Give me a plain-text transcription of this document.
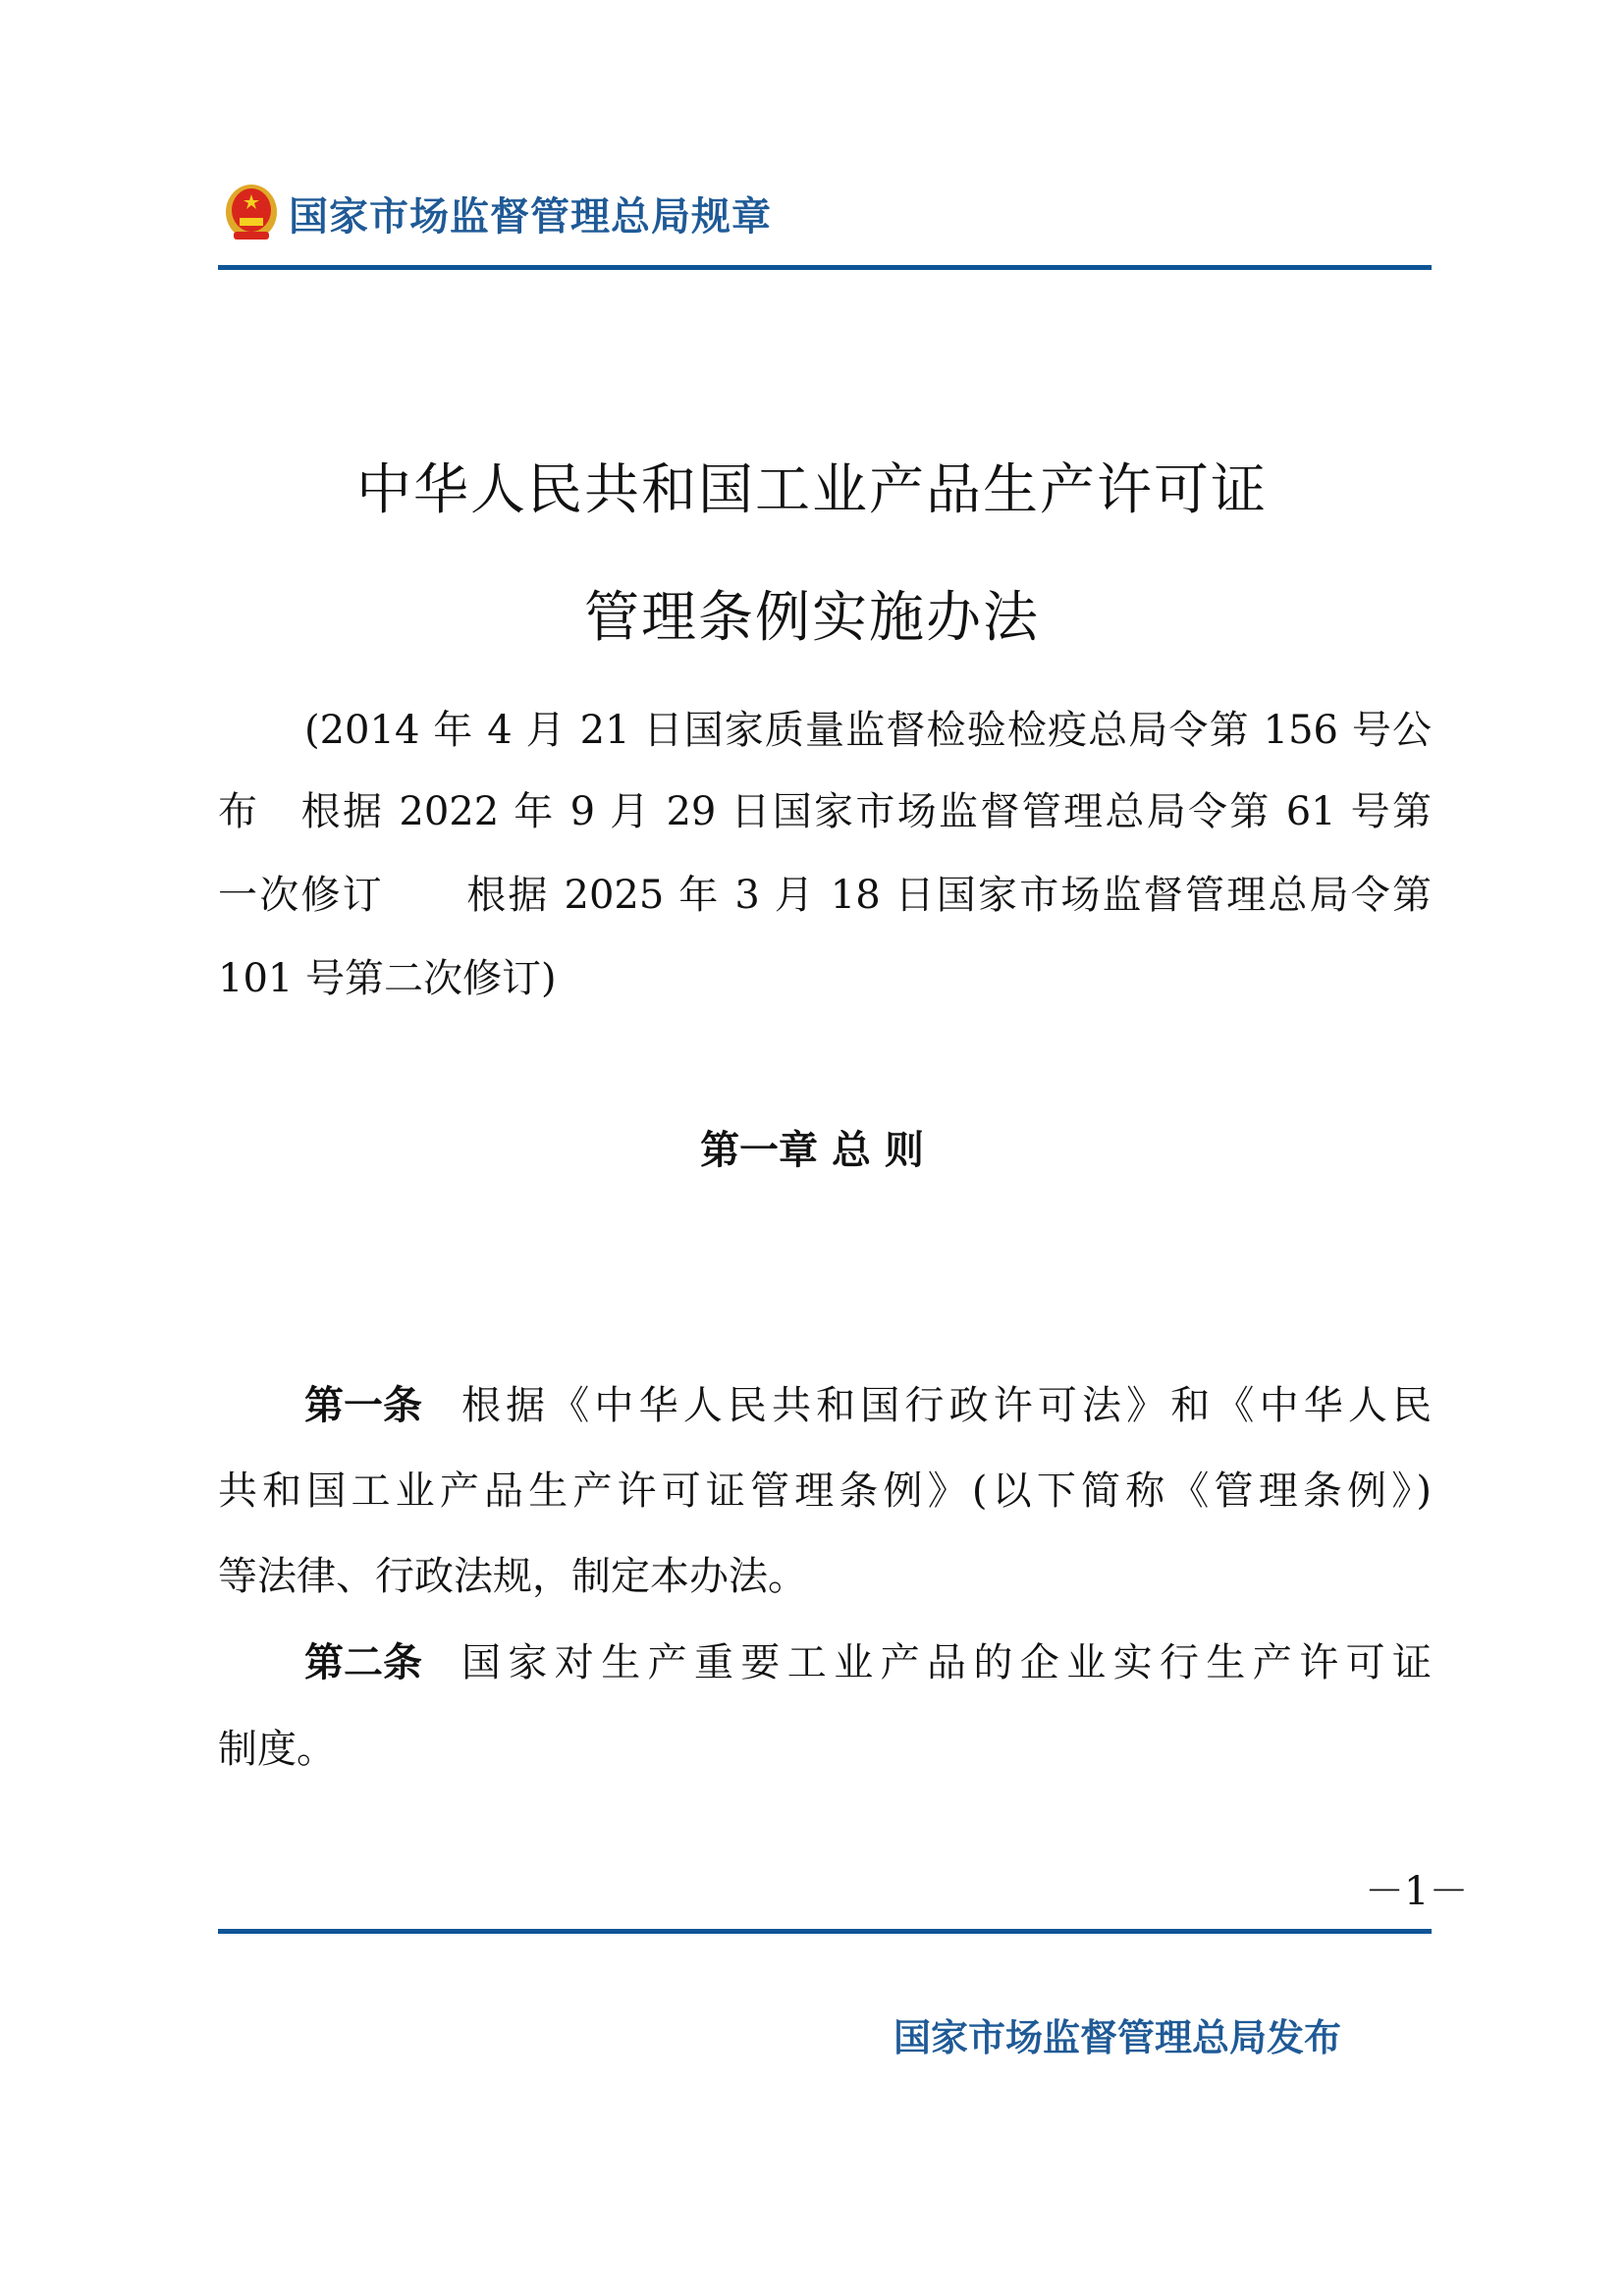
国家市场监督管理总局规章
中华人民共和国工业产品生产许可证
管理条例实施办法
(2014 年 4 月 21 日国家质量监督检验检疫总局令第 156 号公
布　根据 2022 年 9 月 29 日国家市场监督管理总局令第 61 号第
一次修订　　根据 2025 年 3 月 18 日国家市场监督管理总局令第
101 号第二次修订)
第一章 总 则
第一条 根据《中华人民共和国行政许可法》和《中华人民
共和国工业产品生产许可证管理条例》(以下简称《管理条例》)
等法律、行政法规，制定本办法。
第二条 国家对生产重要工业产品的企业实行生产许可证
制度。
－1－
国家市场监督管理总局发布
